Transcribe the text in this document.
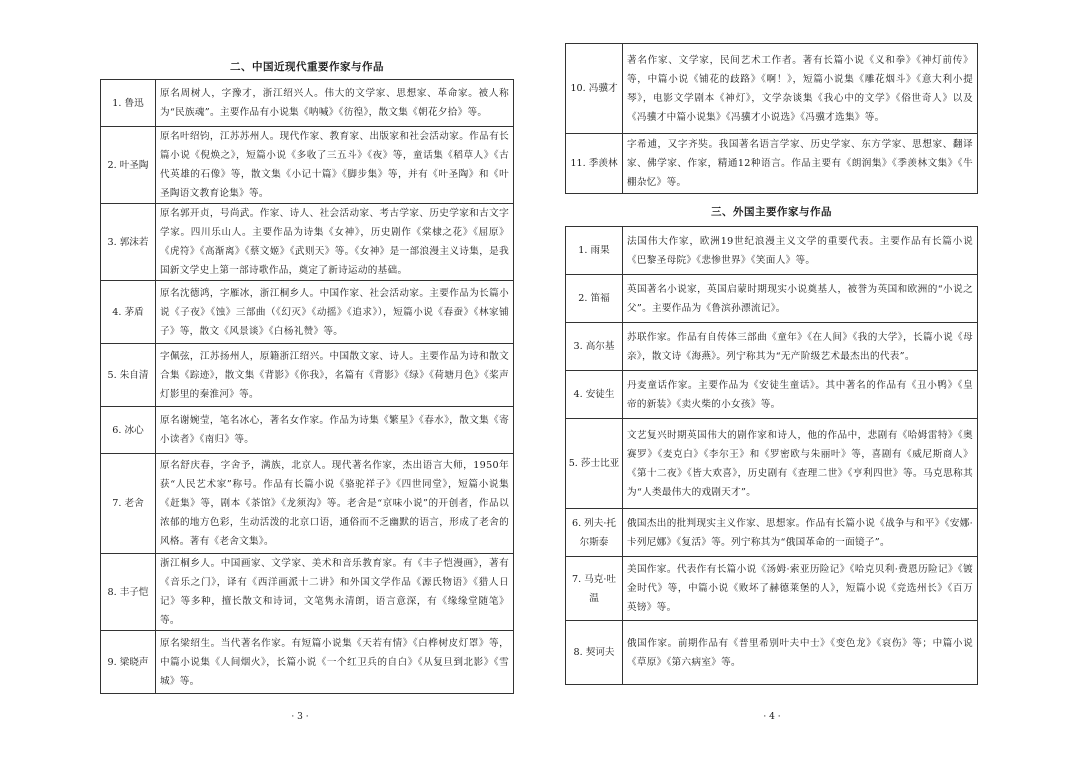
二、中国近现代重要作家与作品
1. 鲁迅	原名周树人，字豫才，浙江绍兴人。伟大的文学家、思想家、革命家。被人称为“民族魂”。主要作品有小说集《呐喊》《彷徨》，散文集《朝花夕拾》等。
2. 叶圣陶	原名叶绍钧，江苏苏州人。现代作家、教育家、出版家和社会活动家。作品有长篇小说《倪焕之》，短篇小说《多收了三五斗》《夜》等，童话集《稻草人》《古代英雄的石像》等，散文集《小记十篇》《脚步集》等，并有《叶圣陶》和《叶圣陶语文教育论集》等。
3. 郭沫若	原名郭开贞，号尚武。作家、诗人、社会活动家、考古学家、历史学家和古文字学家。四川乐山人。主要作品为诗集《女神》，历史剧作《棠棣之花》《屈原》《虎符》《高渐离》《蔡文姬》《武则天》等。《女神》是一部浪漫主义诗集，是我国新文学史上第一部诗歌作品，奠定了新诗运动的基础。
4. 茅盾	原名沈德鸿，字雁冰，浙江桐乡人。中国作家、社会活动家。主要作品为长篇小说《子夜》《蚀》三部曲（《幻灭》《动摇》《追求》），短篇小说《春蚕》《林家铺子》等，散文《风景谈》《白杨礼赞》等。
5. 朱自清	字佩弦，江苏扬州人，原籍浙江绍兴。中国散文家、诗人。主要作品为诗和散文合集《踪迹》，散文集《背影》《你我》，名篇有《背影》《绿》《荷塘月色》《桨声灯影里的秦淮河》等。
6. 冰心	原名谢婉莹，笔名冰心，著名女作家。作品为诗集《繁星》《春水》，散文集《寄小读者》《南归》等。
7. 老舍	原名舒庆春，字舍予，满族，北京人。现代著名作家，杰出语言大师，1950年获“人民艺术家”称号。作品有长篇小说《骆驼祥子》《四世同堂》，短篇小说集《赶集》等，剧本《茶馆》《龙须沟》等。老舍是“京味小说”的开创者，作品以浓郁的地方色彩，生动活泼的北京口语，通俗而不乏幽默的语言，形成了老舍的风格。著有《老舍文集》。
8. 丰子恺	浙江桐乡人。中国画家、文学家、美术和音乐教育家。有《丰子恺漫画》，著有《音乐之门》，译有《西洋画派十二讲》和外国文学作品《源氏物语》《猎人日记》等多种，擅长散文和诗词，文笔隽永清朗，语言意深，有《缘缘堂随笔》等。
9. 梁晓声	原名梁绍生。当代著名作家。有短篇小说集《天若有情》《白桦树皮灯罩》等，中篇小说集《人间烟火》，长篇小说《一个红卫兵的自白》《从复旦到北影》《雪城》等。
· 3 ·
10. 冯骥才	著名作家、文学家，民间艺术工作者。著有长篇小说《义和拳》《神灯前传》等，中篇小说《铺花的歧路》《啊！》，短篇小说集《雕花烟斗》《意大利小提琴》，电影文学剧本《神灯》，文学杂谈集《我心中的文学》《俗世奇人》以及《冯骥才中篇小说集》《冯骥才小说选》《冯骥才选集》等。
11. 季羡林	字希逋，又字齐奘。我国著名语言学家、历史学家、东方学家、思想家、翻译家、佛学家、作家，精通12种语言。作品主要有《朗润集》《季羡林文集》《牛棚杂忆》等。
三、外国主要作家与作品
1. 雨果	法国伟大作家，欧洲19世纪浪漫主义文学的重要代表。主要作品有长篇小说《巴黎圣母院》《悲惨世界》《笑面人》等。
2. 笛福	英国著名小说家，英国启蒙时期现实小说奠基人，被誉为英国和欧洲的“小说之父”。主要作品为《鲁滨孙漂流记》。
3. 高尔基	苏联作家。作品有自传体三部曲《童年》《在人间》《我的大学》，长篇小说《母亲》，散文诗《海燕》。列宁称其为“无产阶级艺术最杰出的代表”。
4. 安徒生	丹麦童话作家。主要作品为《安徒生童话》。其中著名的作品有《丑小鸭》《皇帝的新装》《卖火柴的小女孩》等。
5. 莎士比亚	文艺复兴时期英国伟大的剧作家和诗人，他的作品中，悲剧有《哈姆雷特》《奥赛罗》《麦克白》《李尔王》和《罗密欧与朱丽叶》等，喜剧有《威尼斯商人》《第十二夜》《皆大欢喜》，历史剧有《查理二世》《亨利四世》等。马克思称其为“人类最伟大的戏剧天才”。
6. 列夫·托尔斯泰	俄国杰出的批判现实主义作家、思想家。作品有长篇小说《战争与和平》《安娜·卡列尼娜》《复活》等。列宁称其为“俄国革命的一面镜子”。
7. 马克·吐温	美国作家。代表作有长篇小说《汤姆·索亚历险记》《哈克贝利·费恩历险记》《镀金时代》等，中篇小说《败坏了赫德莱堡的人》，短篇小说《竞选州长》《百万英镑》等。
8. 契诃夫	俄国作家。前期作品有《普里希别叶夫中士》《变色龙》《哀伤》等；中篇小说《草原》《第六病室》等。
· 4 ·
